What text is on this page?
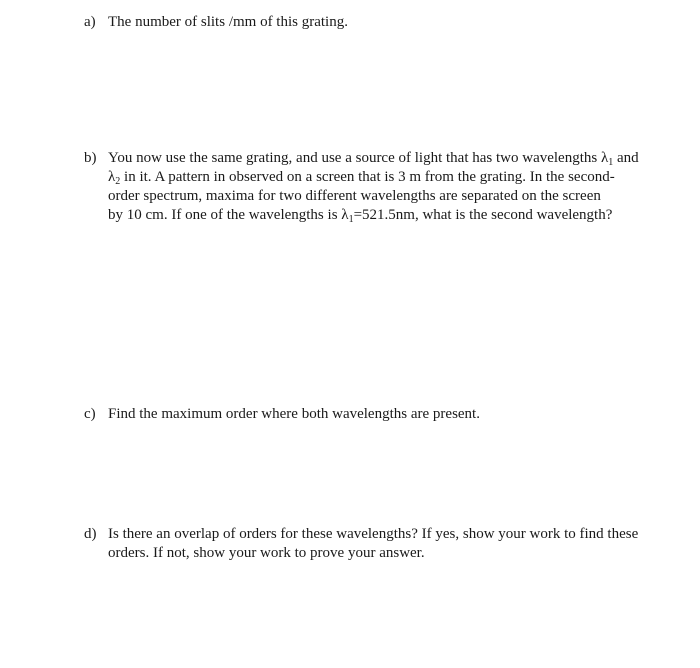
a) The number of slits /mm of this grating.
b) You now use the same grating, and use a source of light that has two wavelengths $\lambda_1$ and
$\lambda_2$ in it. A pattern in observed on a screen that is 3 m from the grating. In the second-
order spectrum, maxima for two different wavelengths are separated on the screen
by 10 cm. If one of the wavelengths is $\lambda_1=521.5nm$, what is the second wavelength?
c) Find the maximum order where both wavelengths are present.
d) Is there an overlap of orders for these wavelengths? If yes, show your work to find these
orders. If not, show your work to prove your answer.
